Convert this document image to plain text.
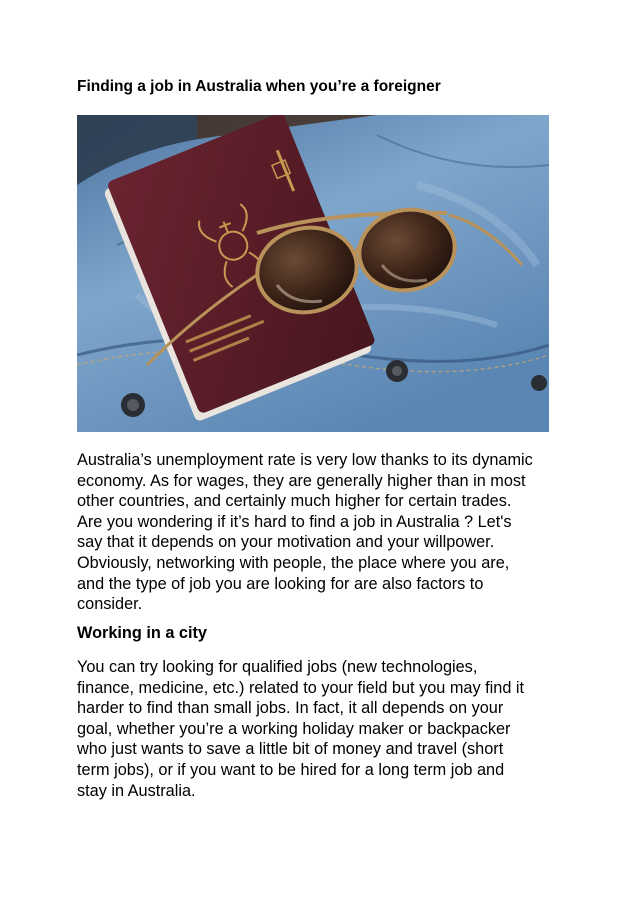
Finding a job in Australia when you’re a foreigner

Australia’s unemployment rate is very low thanks to its dynamic
economy. As for wages, they are generally higher than in most
other countries, and certainly much higher for certain trades.
Are you wondering if it’s hard to find a job in Australia ? Let's
say that it depends on your motivation and your willpower.
Obviously, networking with people, the place where you are,
and the type of job you are looking for are also factors to
consider.

Working in a city

You can try looking for qualified jobs (new technologies,
finance, medicine, etc.) related to your field but you may find it
harder to find than small jobs. In fact, it all depends on your
goal, whether you’re a working holiday maker or backpacker
who just wants to save a little bit of money and travel (short
term jobs), or if you want to be hired for a long term job and
stay in Australia.
